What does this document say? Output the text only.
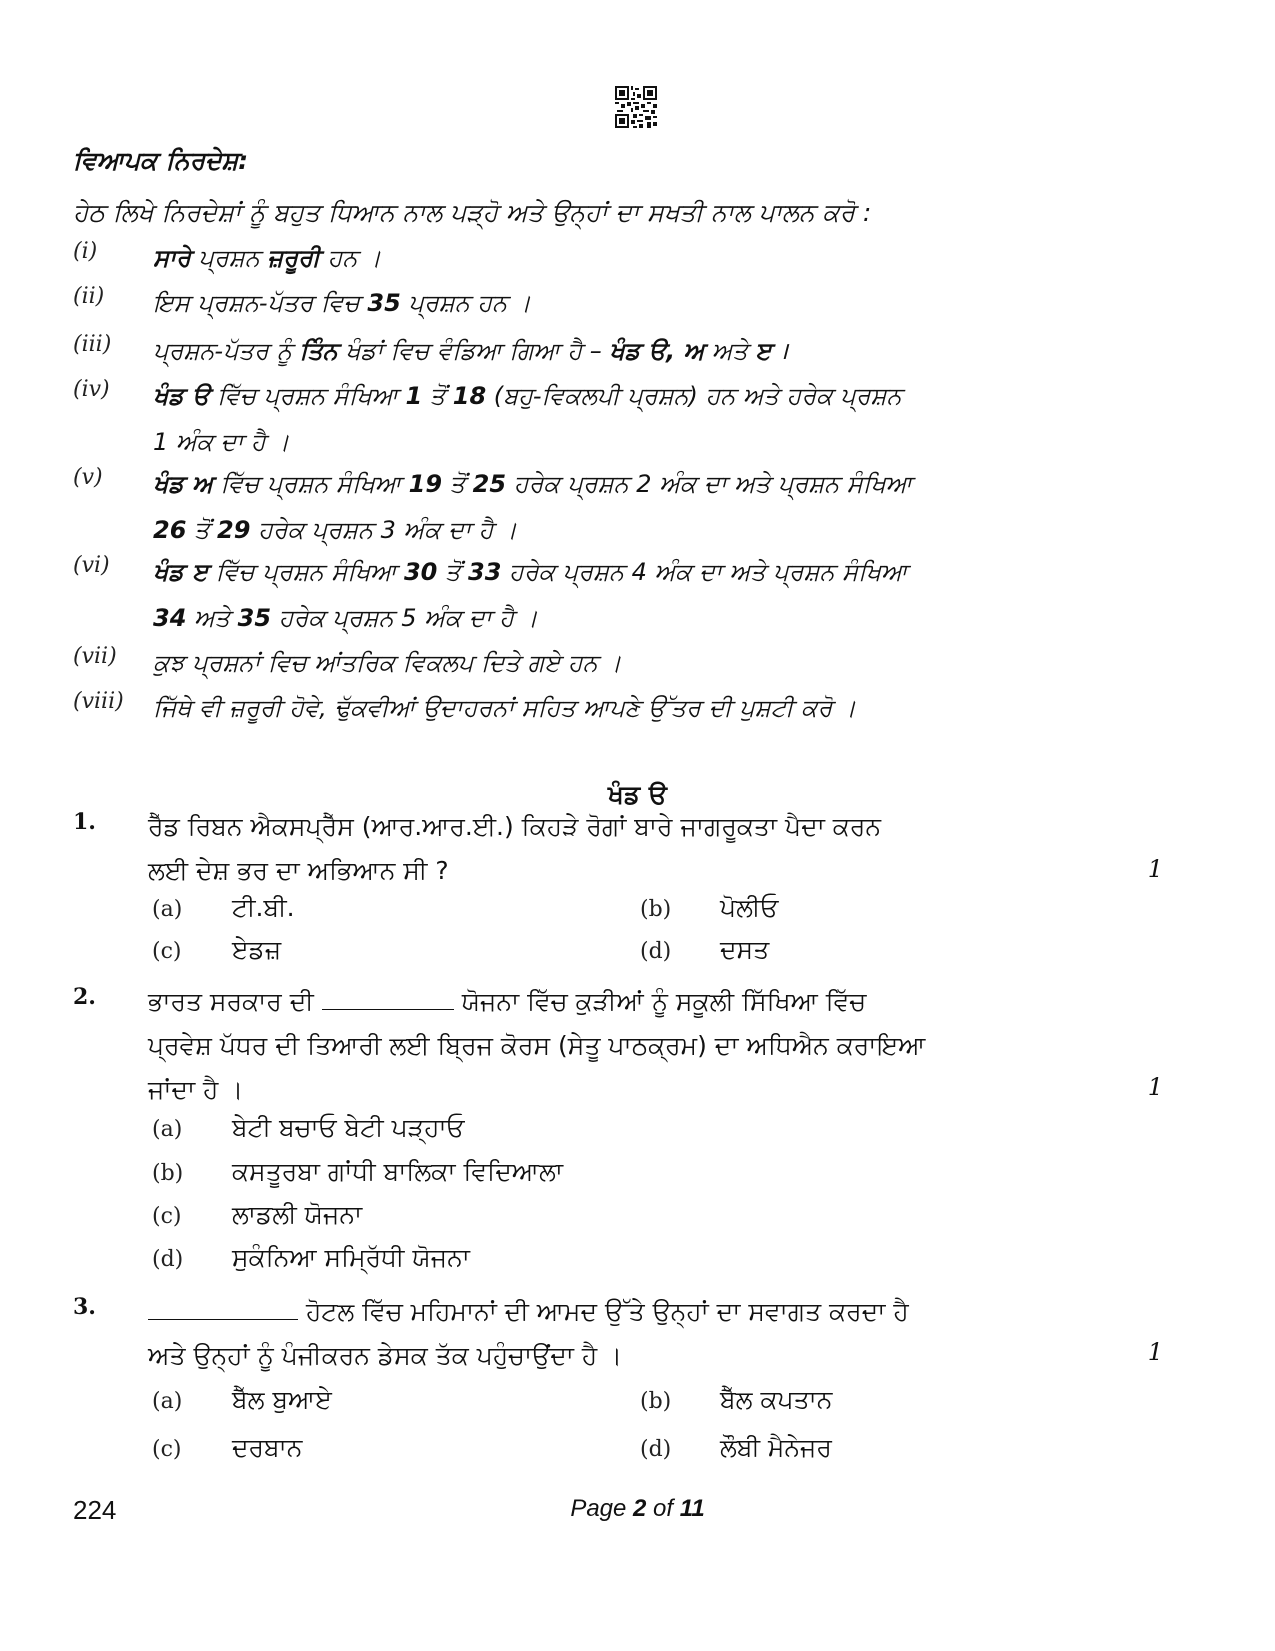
ਵਿਆਪਕ ਨਿਰਦੇਸ਼:
ਹੇਠ ਲਿਖੇ ਨਿਰਦੇਸ਼ਾਂ ਨੂੰ ਬਹੁਤ ਧਿਆਨ ਨਾਲ ਪੜ੍ਹੋ ਅਤੇ ਉਨ੍ਹਾਂ ਦਾ ਸਖਤੀ ਨਾਲ ਪਾਲਨ ਕਰੋ :
(i)	ਸਾਰੇ ਪ੍ਰਸ਼ਨ ਜ਼ਰੂਰੀ ਹਨ ।
(ii)	ਇਸ ਪ੍ਰਸ਼ਨ-ਪੱਤਰ ਵਿਚ 35 ਪ੍ਰਸ਼ਨ ਹਨ ।
(iii)	ਪ੍ਰਸ਼ਨ-ਪੱਤਰ ਨੂੰ ਤਿੰਨ ਖੰਡਾਂ ਵਿਚ ਵੰਡਿਆ ਗਿਆ ਹੈ – ਖੰਡ ੳ, ਅ ਅਤੇ ੲ ।
(iv)	ਖੰਡ ੳ ਵਿੱਚ ਪ੍ਰਸ਼ਨ ਸੰਖਿਆ 1 ਤੋਂ 18 (ਬਹੁ-ਵਿਕਲਪੀ ਪ੍ਰਸ਼ਨ) ਹਨ ਅਤੇ ਹਰੇਕ ਪ੍ਰਸ਼ਨ
1 ਅੰਕ ਦਾ ਹੈ ।
(v)	ਖੰਡ ਅ ਵਿੱਚ ਪ੍ਰਸ਼ਨ ਸੰਖਿਆ 19 ਤੋਂ 25 ਹਰੇਕ ਪ੍ਰਸ਼ਨ 2 ਅੰਕ ਦਾ ਅਤੇ ਪ੍ਰਸ਼ਨ ਸੰਖਿਆ
26 ਤੋਂ 29 ਹਰੇਕ ਪ੍ਰਸ਼ਨ 3 ਅੰਕ ਦਾ ਹੈ ।
(vi)	ਖੰਡ ੲ ਵਿੱਚ ਪ੍ਰਸ਼ਨ ਸੰਖਿਆ 30 ਤੋਂ 33 ਹਰੇਕ ਪ੍ਰਸ਼ਨ 4 ਅੰਕ ਦਾ ਅਤੇ ਪ੍ਰਸ਼ਨ ਸੰਖਿਆ
34 ਅਤੇ 35 ਹਰੇਕ ਪ੍ਰਸ਼ਨ 5 ਅੰਕ ਦਾ ਹੈ ।
(vii)	ਕੁਝ ਪ੍ਰਸ਼ਨਾਂ ਵਿਚ ਆਂਤਰਿਕ ਵਿਕਲਪ ਦਿਤੇ ਗਏ ਹਨ ।
(viii)	ਜਿੱਥੇ ਵੀ ਜ਼ਰੂਰੀ ਹੋਵੇ, ਢੁੱਕਵੀਆਂ ਉਦਾਹਰਨਾਂ ਸਹਿਤ ਆਪਣੇ ਉੱਤਰ ਦੀ ਪੁਸ਼ਟੀ ਕਰੋ ।
ਖੰਡ ੳ
1. ਰੈੱਡ ਰਿਬਨ ਐਕਸਪ੍ਰੈੱਸ (ਆਰ.ਆਰ.ਈ.) ਕਿਹੜੇ ਰੋਗਾਂ ਬਾਰੇ ਜਾਗਰੂਕਤਾ ਪੈਦਾ ਕਰਨ
ਲਈ ਦੇਸ਼ ਭਰ ਦਾ ਅਭਿਆਨ ਸੀ ?	1
(a) ਟੀ.ਬੀ.	(b) ਪੋਲੀਓ
(c) ਏਡਜ਼	(d) ਦਸਤ
2. ਭਾਰਤ ਸਰਕਾਰ ਦੀ	ਯੋਜਨਾ ਵਿੱਚ ਕੁੜੀਆਂ ਨੂੰ ਸਕੂਲੀ ਸਿੱਖਿਆ ਵਿੱਚ
ਪ੍ਰਵੇਸ਼ ਪੱਧਰ ਦੀ ਤਿਆਰੀ ਲਈ ਬ੍ਰਿਜ ਕੋਰਸ (ਸੇਤੂ ਪਾਠਕ੍ਰਮ) ਦਾ ਅਧਿਐਨ ਕਰਾਇਆ
ਜਾਂਦਾ ਹੈ ।	1
(a) ਬੇਟੀ ਬਚਾਓ ਬੇਟੀ ਪੜ੍ਹਾਓ
(b) ਕਸਤੂਰਬਾ ਗਾਂਧੀ ਬਾਲਿਕਾ ਵਿਦਿਆਲਾ
(c) ਲਾਡਲੀ ਯੋਜਨਾ
(d) ਸੁਕੰਨਿਆ ਸਮ੍ਰਿੱਧੀ ਯੋਜਨਾ
3.	ਹੋਟਲ ਵਿੱਚ ਮਹਿਮਾਨਾਂ ਦੀ ਆਮਦ ਉੱਤੇ ਉਨ੍ਹਾਂ ਦਾ ਸਵਾਗਤ ਕਰਦਾ ਹੈ
ਅਤੇ ਉਨ੍ਹਾਂ ਨੂੰ ਪੰਜੀਕਰਨ ਡੇਸਕ ਤੱਕ ਪਹੁੰਚਾਉਂਦਾ ਹੈ ।	1
(a) ਬੈੱਲ ਬੁਆਏ	(b) ਬੈੱਲ ਕਪਤਾਨ
(c) ਦਰਬਾਨ	(d) ਲੌਬੀ ਮੈਨੇਜਰ
224	Page 2 of 11
